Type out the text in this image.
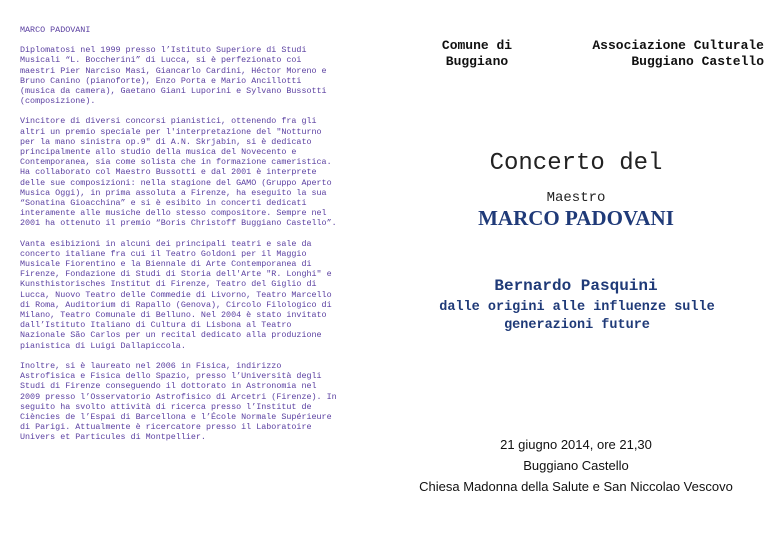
MARCO PADOVANI

Diplomatosi nel 1999 presso l’Istituto Superiore di Studi
Musicali “L. Boccherini” di Lucca, si è perfezionato coi
maestri Pier Narciso Masi, Giancarlo Cardini, Héctor Moreno e
Bruno Canino (pianoforte), Enzo Porta e Mario Ancillotti
(musica da camera), Gaetano Giani Luporini e Sylvano Bussotti
(composizione).

Vincitore di diversi concorsi pianistici, ottenendo fra gli
altri un premio speciale per l'interpretazione del "Notturno
per la mano sinistra op.9" di A.N. Skrjabin, si è dedicato
principalmente allo studio della musica del Novecento e
Contemporanea, sia come solista che in formazione cameristica.
Ha collaborato col Maestro Bussotti e dal 2001 è interprete
delle sue composizioni: nella stagione del GAMO (Gruppo Aperto
Musica Oggi), in prima assoluta a Firenze, ha eseguito la sua
“Sonatina Gioacchina” e si è esibito in concerti dedicati
interamente alle musiche dello stesso compositore. Sempre nel
2001 ha ottenuto il premio “Boris Christoff Buggiano Castello”.

Vanta esibizioni in alcuni dei principali teatri e sale da
concerto italiane fra cui il Teatro Goldoni per il Maggio
Musicale Fiorentino e la Biennale di Arte Contemporanea di
Firenze, Fondazione di Studi di Storia dell'Arte "R. Longhi" e
Kunsthistorisches Institut di Firenze, Teatro del Giglio di
Lucca, Nuovo Teatro delle Commedie di Livorno, Teatro Marcello
di Roma, Auditorium di Rapallo (Genova), Circolo Filologico di
Milano, Teatro Comunale di Belluno. Nel 2004 è stato invitato
dall’Istituto Italiano di Cultura di Lisbona al Teatro
Nazionale São Carlos per un recital dedicato alla produzione
pianistica di Luigi Dallapiccola.

Inoltre, si è laureato nel 2006 in Fisica, indirizzo
Astrofisica e Fisica dello Spazio, presso l’Università degli
Studi di Firenze conseguendo il dottorato in Astronomia nel
2009 presso l’Osservatorio Astrofisico di Arcetri (Firenze). In
seguito ha svolto attività di ricerca presso l’Institut de
Ciències de l’Espai di Barcellona e l’École Normale Supérieure
di Parigi. Attualmente è ricercatore presso il Laboratoire
Univers et Particules di Montpellier.

Comune di
Buggiano
Associazione Culturale
Buggiano Castello
Concerto del
Maestro
MARCO PADOVANI
Bernardo Pasquini
dalle origini alle influenze sulle
generazioni future
21 giugno 2014, ore 21,30
Buggiano Castello
Chiesa Madonna della Salute e San Niccolao Vescovo
